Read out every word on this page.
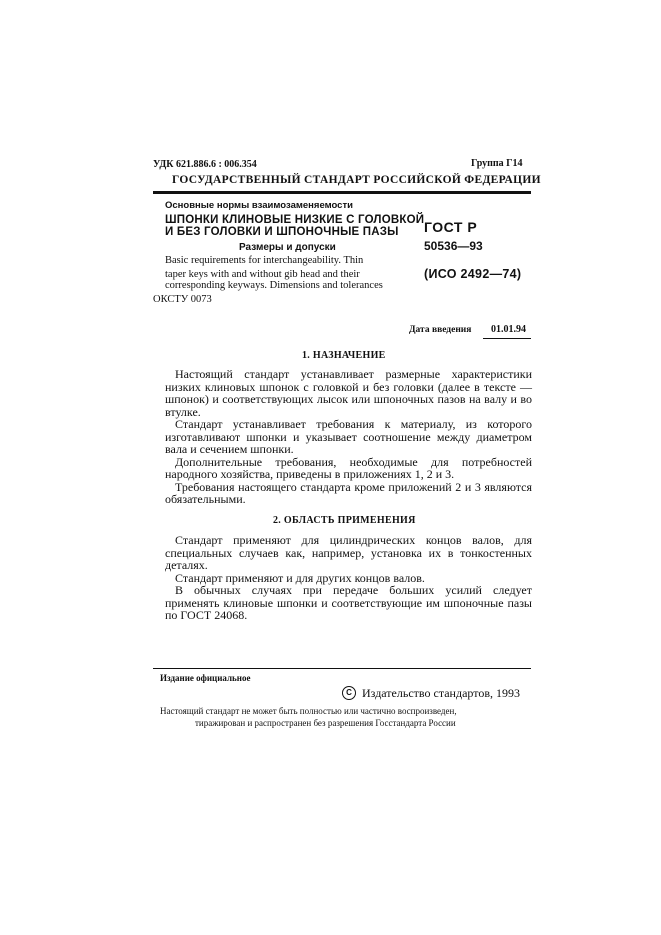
УДК 621.886.6 : 006.354	Группа Г14
ГОСУДАРСТВЕННЫЙ СТАНДАРТ РОССИЙСКОЙ ФЕДЕРАЦИИ
Основные нормы взаимозаменяемости
ШПОНКИ КЛИНОВЫЕ НИЗКИЕ С ГОЛОВКОЙ
И БЕЗ ГОЛОВКИ И ШПОНОЧНЫЕ ПАЗЫ
Размеры и допуски
Basic requirements for interchangeability. Thin
taper keys with and without gib head and their
corresponding keyways. Dimensions and tolerances
ОКСТУ 0073
ГОСТ Р
50536—93
(ИСО 2492—74)
Дата введения 01.01.94
1. НАЗНАЧЕНИЕ

Настоящий стандарт устанавливает размерные характеристики низких клиновых шпонок с головкой и без головки (далее в тексте — шпонок) и соответствующих лысок или шпоночных пазов на валу и во втулке.

Стандарт устанавливает требования к материалу, из которого изготавливают шпонки и указывает соотношение между диаметром вала и сечением шпонки.

Дополнительные требования, необходимые для потребностей народного хозяйства, приведены в приложениях 1, 2 и 3.

Требования настоящего стандарта кроме приложений 2 и 3 являются обязательными.

2. ОБЛАСТЬ ПРИМЕНЕНИЯ

Стандарт применяют для цилиндрических концов валов, для специальных случаев как, например, установка их в тонкостенных деталях.

Стандарт применяют и для других концов валов.

В обычных случаях при передаче больших усилий следует применять клиновые шпонки и соответствующие им шпоночные пазы по ГОСТ 24068.

Издание официальное
C Издательство стандартов, 1993
Настоящий стандарт не может быть полностью или частично воспроизведен,
тиражирован и распространен без разрешения Госстандарта России
